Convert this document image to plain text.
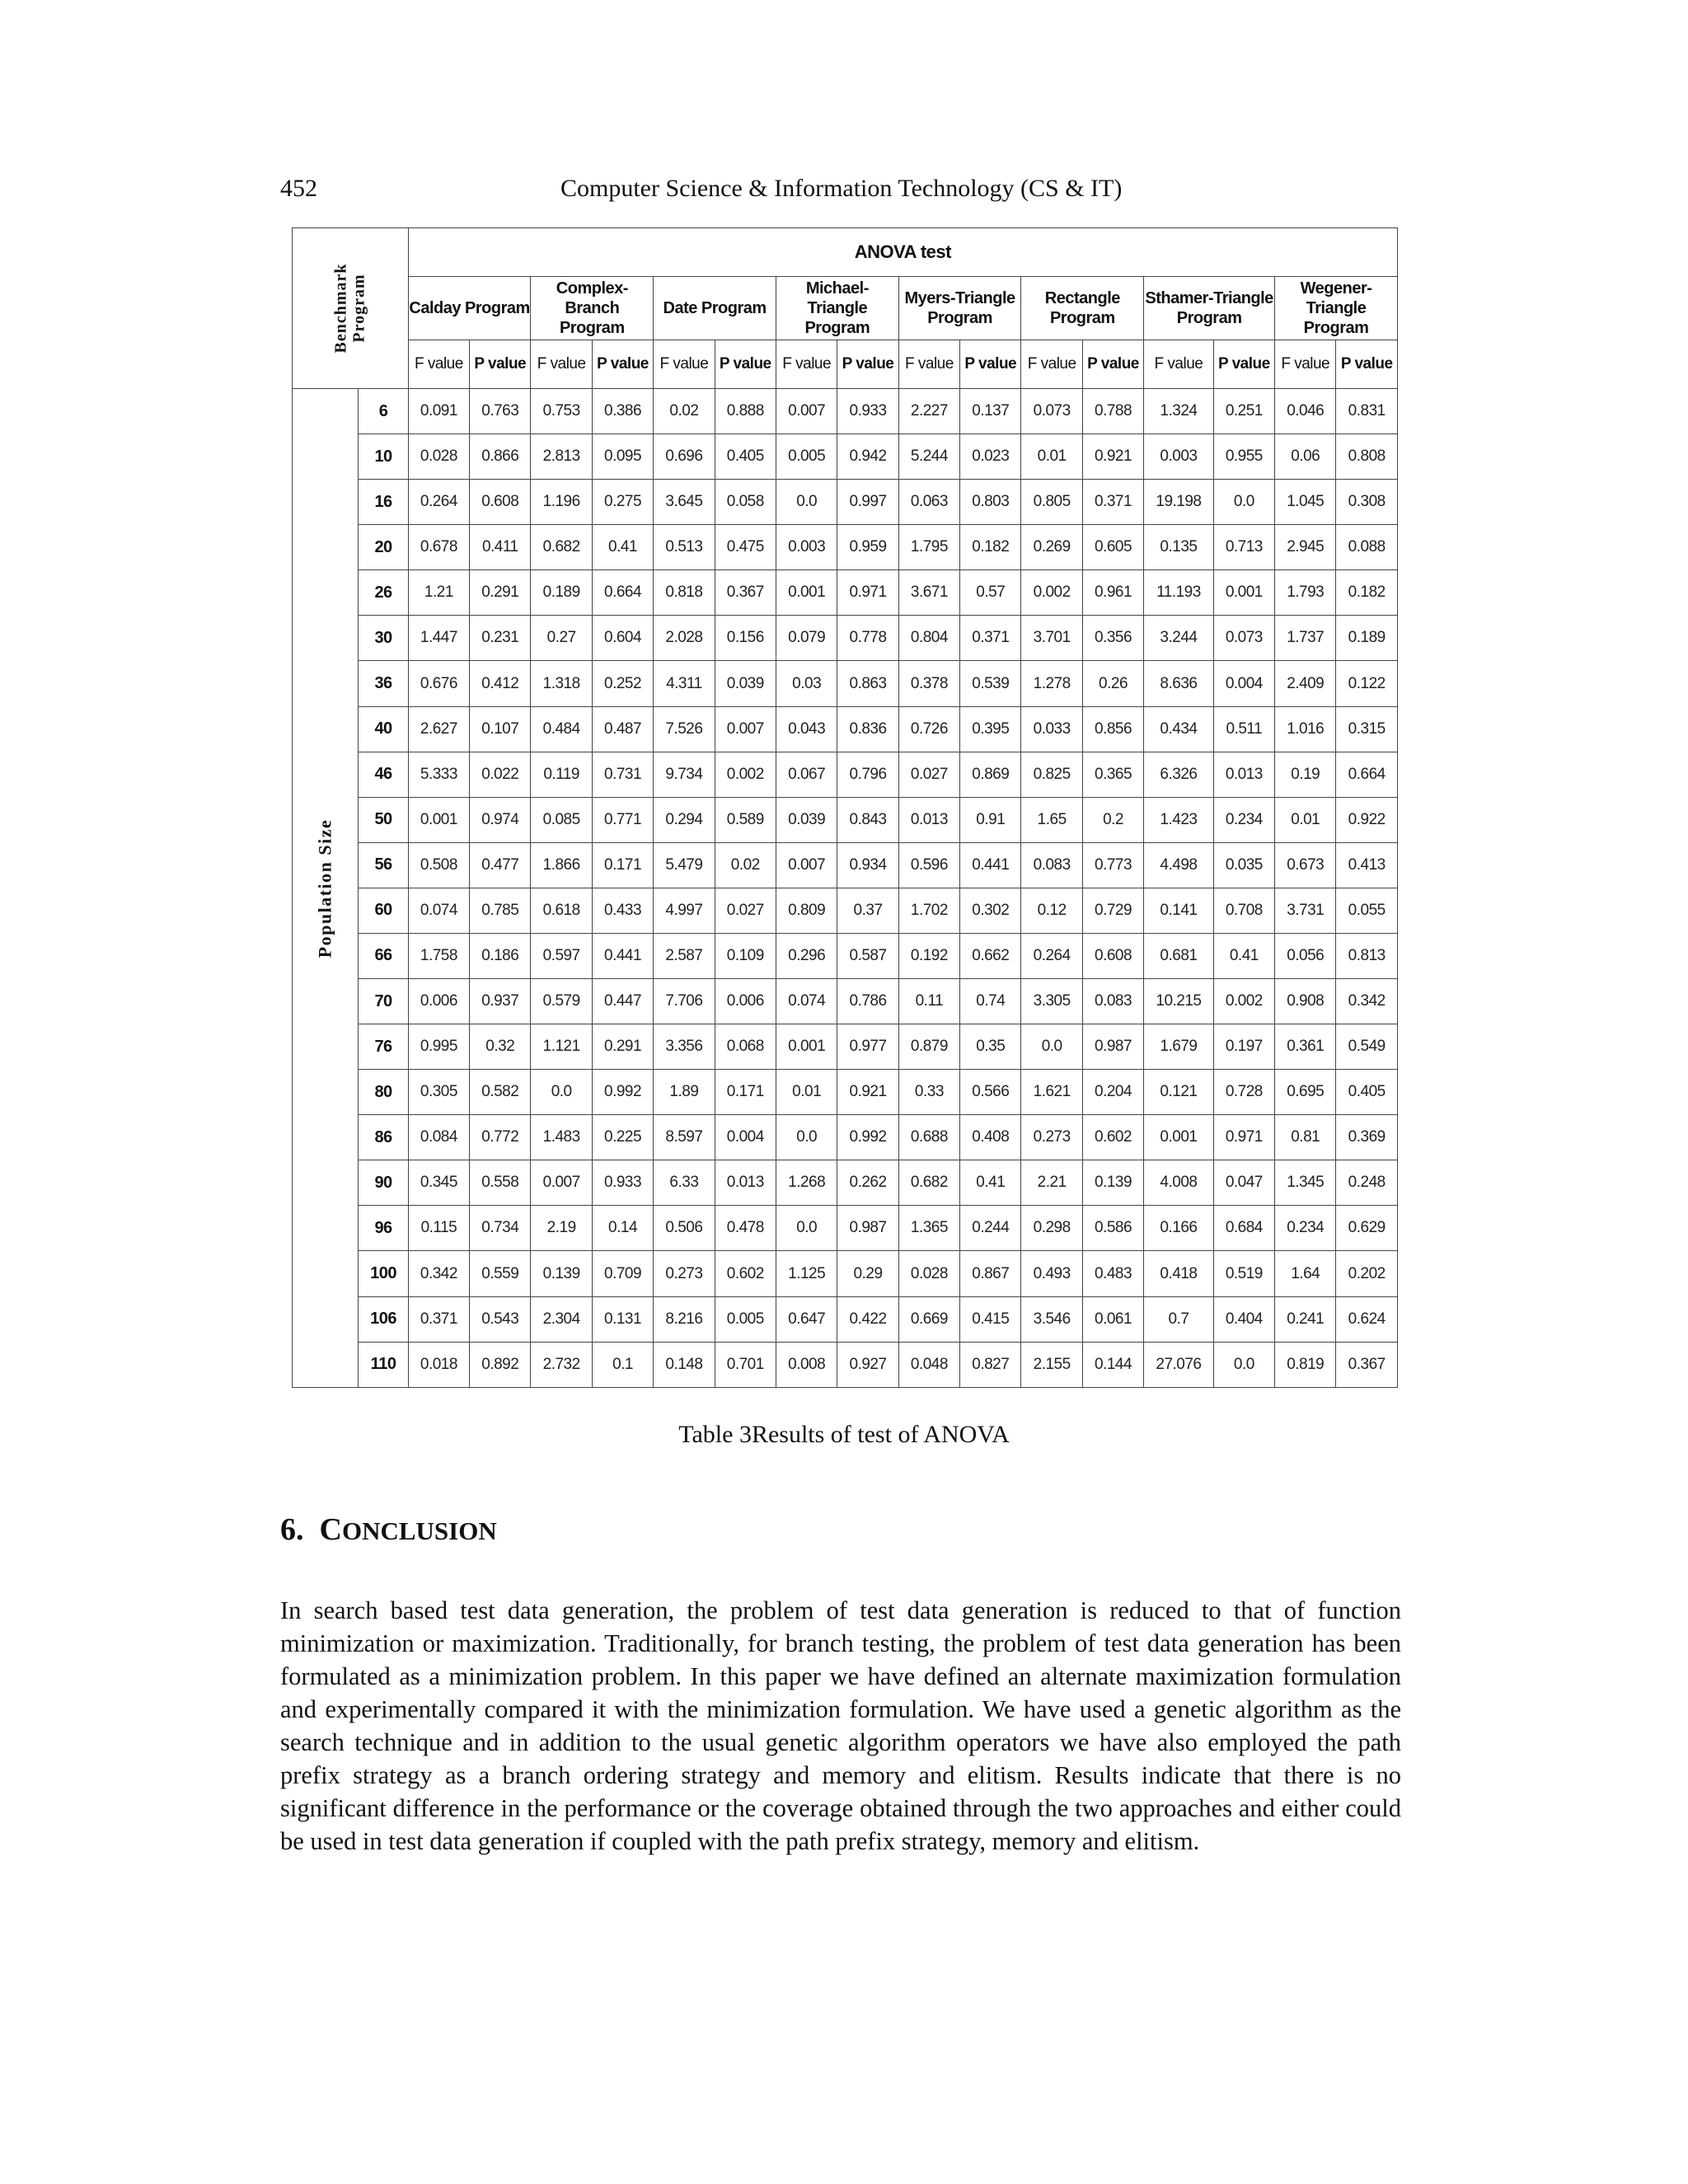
452	Computer Science & Information Technology (CS & IT)
Benchmark Program		ANOVA test															
		Calday Program		Complex-Branch Program		Date Program		Michael-Triangle Program		Myers-Triangle Program		Rectangle Program		Sthamer-Triangle Program		Wegener-Triangle Program	
		F value	P value	F value	P value	F value	P value	F value	P value	F value	P value	F value	P value	F value	P value	F value	P value

Population Size	6	0.091	0.763	0.753	0.386	0.02	0.888	0.007	0.933	2.227	0.137	0.073	0.788	1.324	0.251	0.046	0.831
	10	0.028	0.866	2.813	0.095	0.696	0.405	0.005	0.942	5.244	0.023	0.01	0.921	0.003	0.955	0.06	0.808
	16	0.264	0.608	1.196	0.275	3.645	0.058	0.0	0.997	0.063	0.803	0.805	0.371	19.198	0.0	1.045	0.308
	20	0.678	0.411	0.682	0.41	0.513	0.475	0.003	0.959	1.795	0.182	0.269	0.605	0.135	0.713	2.945	0.088
	26	1.21	0.291	0.189	0.664	0.818	0.367	0.001	0.971	3.671	0.57	0.002	0.961	11.193	0.001	1.793	0.182
	30	1.447	0.231	0.27	0.604	2.028	0.156	0.079	0.778	0.804	0.371	3.701	0.356	3.244	0.073	1.737	0.189
	36	0.676	0.412	1.318	0.252	4.311	0.039	0.03	0.863	0.378	0.539	1.278	0.26	8.636	0.004	2.409	0.122
	40	2.627	0.107	0.484	0.487	7.526	0.007	0.043	0.836	0.726	0.395	0.033	0.856	0.434	0.511	1.016	0.315
	46	5.333	0.022	0.119	0.731	9.734	0.002	0.067	0.796	0.027	0.869	0.825	0.365	6.326	0.013	0.19	0.664
	50	0.001	0.974	0.085	0.771	0.294	0.589	0.039	0.843	0.013	0.91	1.65	0.2	1.423	0.234	0.01	0.922
	56	0.508	0.477	1.866	0.171	5.479	0.02	0.007	0.934	0.596	0.441	0.083	0.773	4.498	0.035	0.673	0.413
	60	0.074	0.785	0.618	0.433	4.997	0.027	0.809	0.37	1.702	0.302	0.12	0.729	0.141	0.708	3.731	0.055
	66	1.758	0.186	0.597	0.441	2.587	0.109	0.296	0.587	0.192	0.662	0.264	0.608	0.681	0.41	0.056	0.813
	70	0.006	0.937	0.579	0.447	7.706	0.006	0.074	0.786	0.11	0.74	3.305	0.083	10.215	0.002	0.908	0.342
	76	0.995	0.32	1.121	0.291	3.356	0.068	0.001	0.977	0.879	0.35	0.0	0.987	1.679	0.197	0.361	0.549
	80	0.305	0.582	0.0	0.992	1.89	0.171	0.01	0.921	0.33	0.566	1.621	0.204	0.121	0.728	0.695	0.405
	86	0.084	0.772	1.483	0.225	8.597	0.004	0.0	0.992	0.688	0.408	0.273	0.602	0.001	0.971	0.81	0.369
	90	0.345	0.558	0.007	0.933	6.33	0.013	1.268	0.262	0.682	0.41	2.21	0.139	4.008	0.047	1.345	0.248
	96	0.115	0.734	2.19	0.14	0.506	0.478	0.0	0.987	1.365	0.244	0.298	0.586	0.166	0.684	0.234	0.629
	100	0.342	0.559	0.139	0.709	0.273	0.602	1.125	0.29	0.028	0.867	0.493	0.483	0.418	0.519	1.64	0.202
	106	0.371	0.543	2.304	0.131	8.216	0.005	0.647	0.422	0.669	0.415	3.546	0.061	0.7	0.404	0.241	0.624
	110	0.018	0.892	2.732	0.1	0.148	0.701	0.008	0.927	0.048	0.827	2.155	0.144	27.076	0.0	0.819	0.367
Table 3Results of test of ANOVA
6. CONCLUSION
In search based test data generation, the problem of test data generation is reduced to that of function minimization or maximization. Traditionally, for branch testing, the problem of test data generation has been formulated as a minimization problem. In this paper we have defined an alternate maximization formulation and experimentally compared it with the minimization formulation. We have used a genetic algorithm as the search technique and in addition to the usual genetic algorithm operators we have also employed the path prefix strategy as a branch ordering strategy and memory and elitism. Results indicate that there is no significant difference in the performance or the coverage obtained through the two approaches and either could be used in test data generation if coupled with the path prefix strategy, memory and elitism.
